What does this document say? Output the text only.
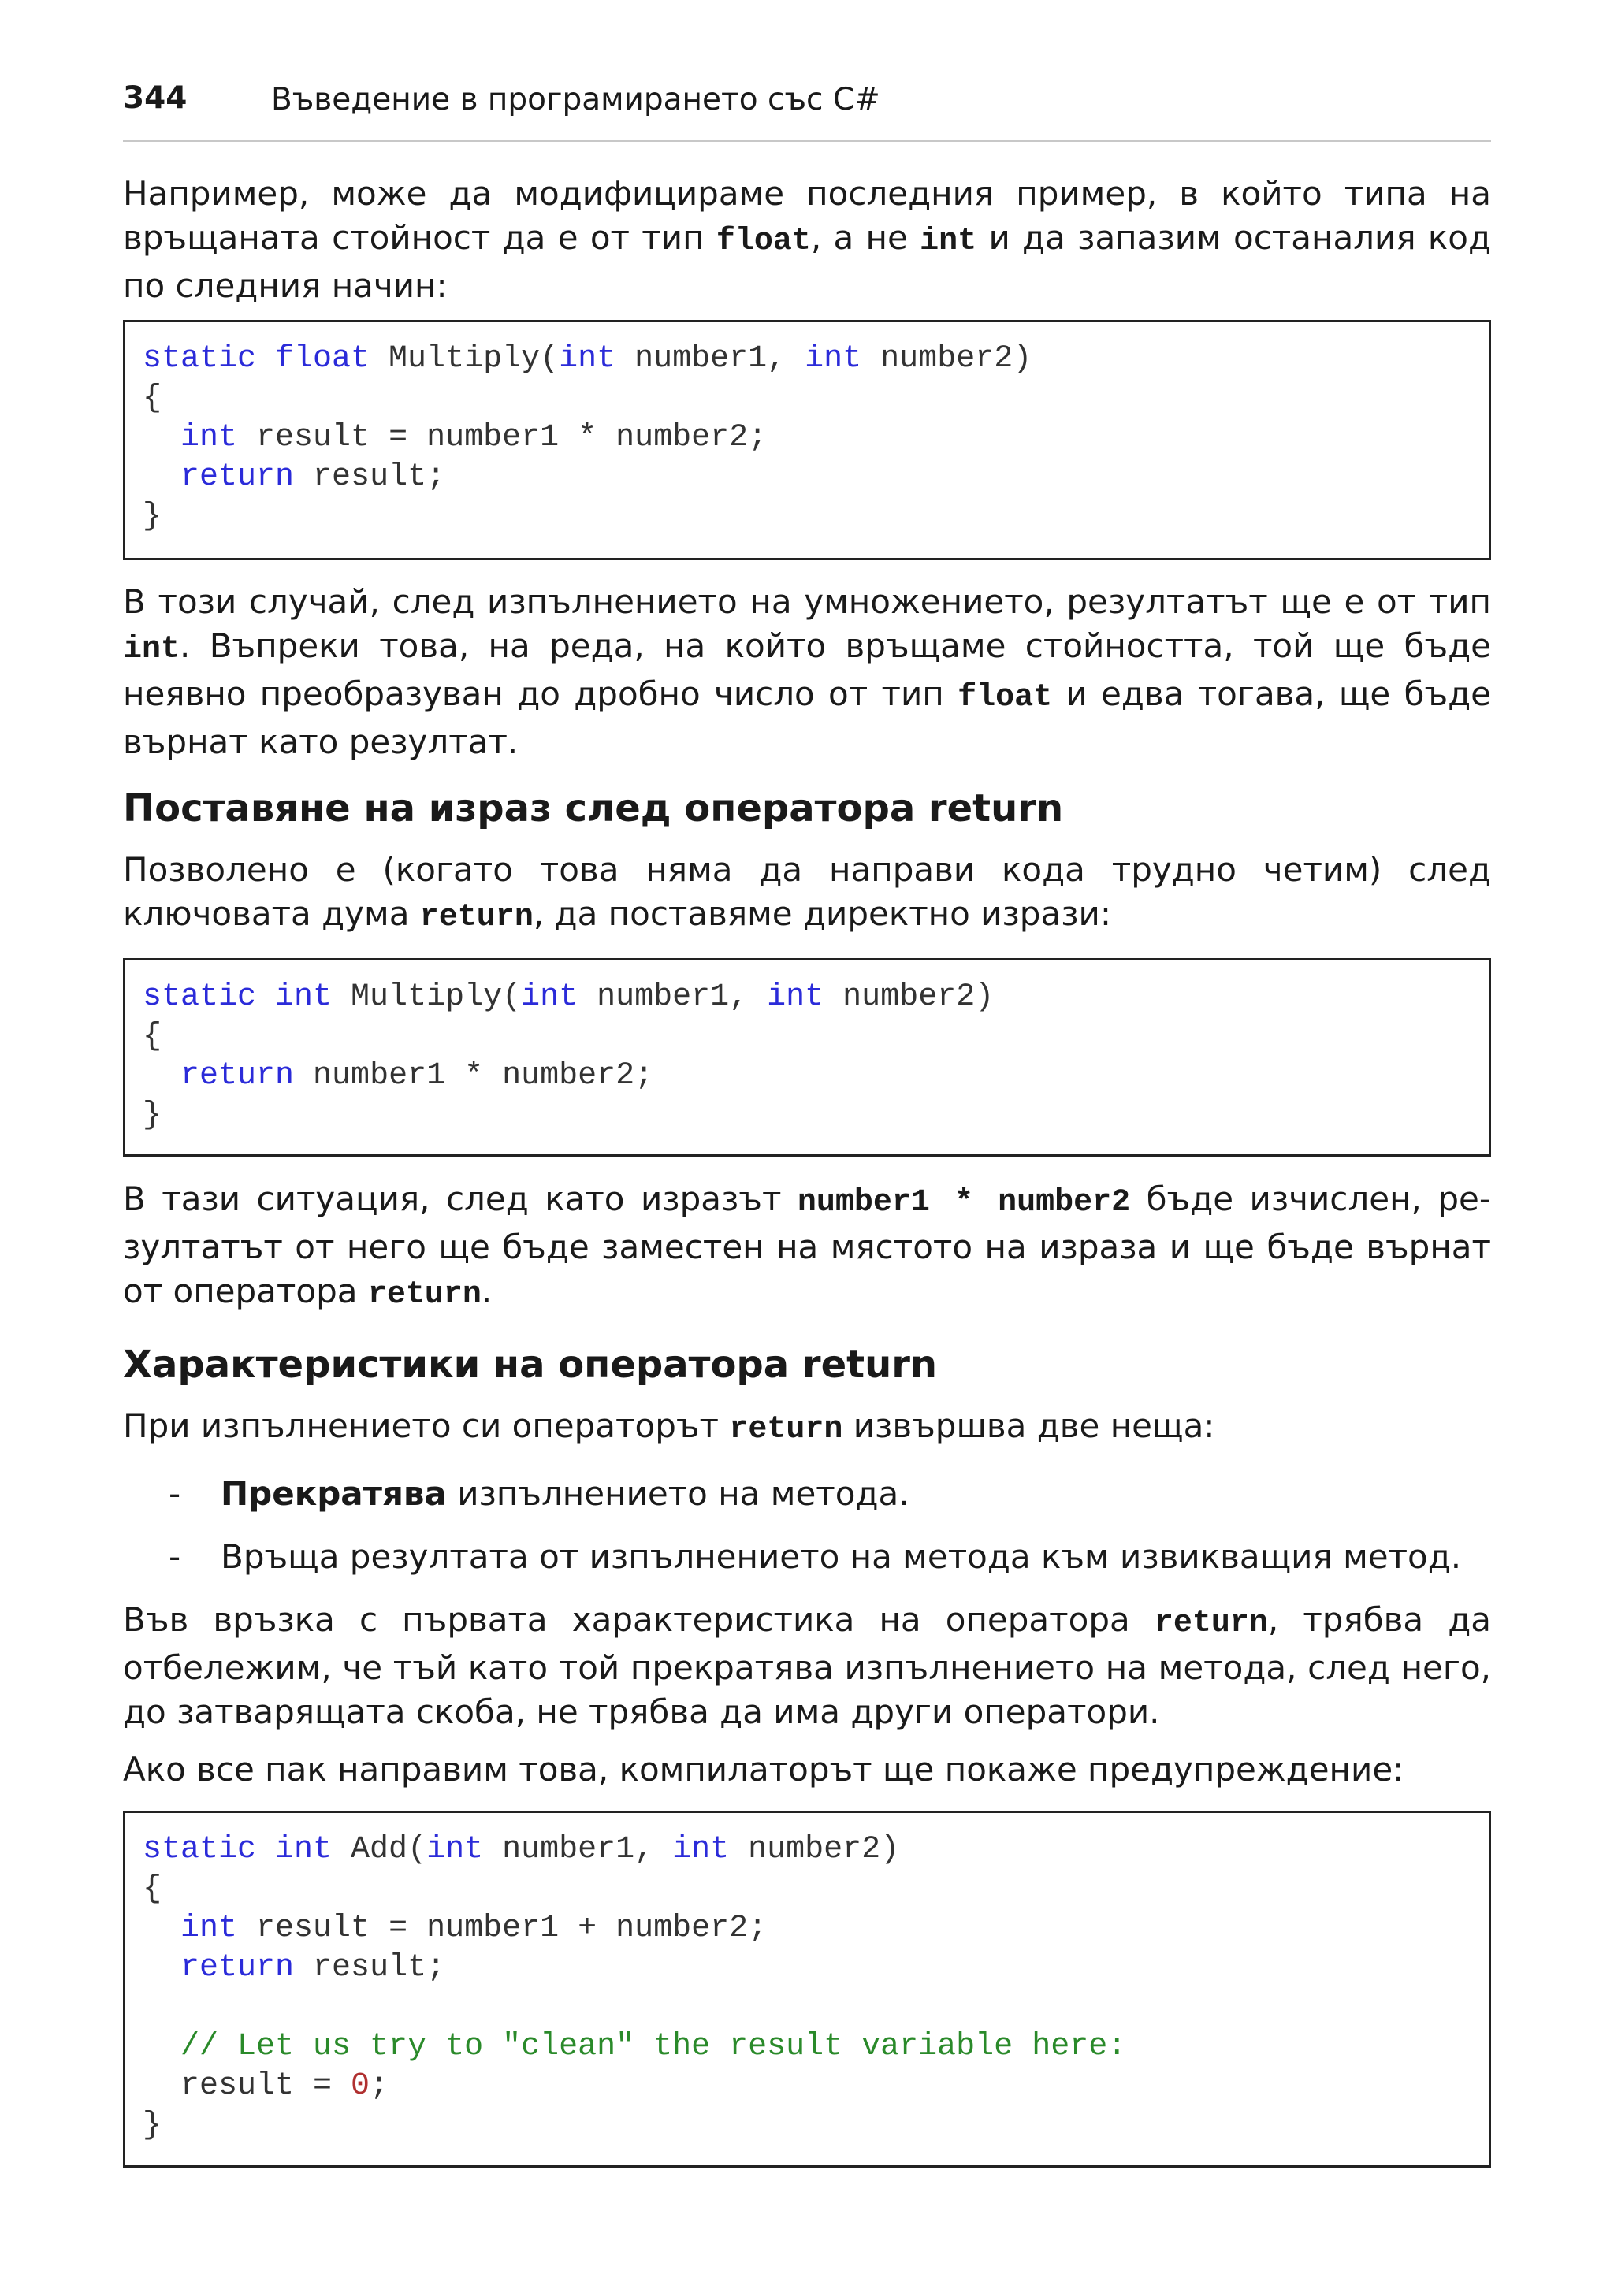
344	Въведение в програмирането със C#

Например, може да модифицираме последния пример, в който типа на връщаната стойност да е от тип float, а не int и да запазим останалия код по следния начин:

static float Multiply(int number1, int number2)
{
int result = number1 * number2;
return result;
}

В този случай, след изпълнението на умножението, резултатът ще е от тип int. Въпреки това, на реда, на който връщаме стойността, той ще бъде неявно преобразуван до дробно число от тип float и едва тогава, ще бъде върнат като резултат.

Поставяне на израз след оператора return

Позволено е (когато това няма да направи кода трудно четим) след ключовата дума return, да поставяме директно изрази:

static int Multiply(int number1, int number2)
{
return number1 * number2;
}

В тази ситуация, след като изразът number1 * number2 бъде изчислен, ре-зултатът от него ще бъде заместен на мястото на израза и ще бъде върнат от оператора return.

Характеристики на оператора return

При изпълнението си операторът return извършва две неща:

- Прекратява изпълнението на метода.
- Връща резултата от изпълнението на метода към извикващия метод.

Във връзка с първата характеристика на оператора return, трябва да отбележим, че тъй като той прекратява изпълнението на метода, след него, до затварящата скоба, не трябва да има други оператори.

Ако все пак направим това, компилаторът ще покаже предупреждение:

static int Add(int number1, int number2)
{
int result = number1 + number2;
return result;
// Let us try to "clean" the result variable here:
result = 0;
}
